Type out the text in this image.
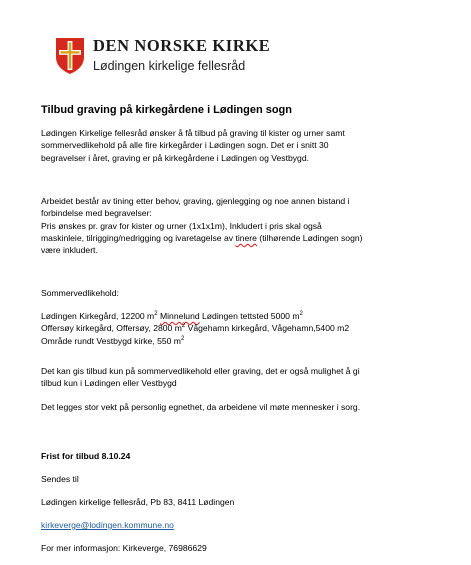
DEN NORSKE KIRKE
Lødingen kirkelige fellesråd
Tilbud graving på kirkegårdene i Lødingen sogn
Lødingen Kirkelige fellesråd ønsker å få tilbud på graving til kister og urner samt
sommervedlikehold på alle fire kirkegårder i Lødingen sogn. Det er i snitt 30
begravelser i året, graving er på kirkegårdene i Lødingen og Vestbygd.
Arbeidet består av tining etter behov, graving, gjenlegging og noe annen bistand i
forbindelse med begravelser:
Pris ønskes pr. grav for kister og urner (1x1x1m), Inkludert i pris skal også
maskinleie, tilrigging/nedrigging og ivaretagelse av tinere (tilhørende Lødingen sogn)
være inkludert.
Sommervedlikehold:
Lødingen Kirkegård, 12200 $m^2$ Minnelund Lødingen tettsted 5000 $m^2$
Offersøy kirkegård, Offersøy, 2800 $m^2$ Vågehamn kirkegård, Vågehamn,5400 m2
Område rundt Vestbygd kirke, 550 $m^2$
Det kan gis tilbud kun på sommervedlikehold eller graving, det er også mulighet å gi
tilbud kun i Lødingen eller Vestbygd
Det legges stor vekt på personlig egnethet, da arbeidene vil møte mennesker i sorg.
Frist for tilbud 8.10.24
Sendes til
Lødingen kirkelige fellesråd, Pb 83, 8411 Lødingen
kirkeverge@lodingen.kommune.no
For mer informasjon: Kirkeverge, 76986629
